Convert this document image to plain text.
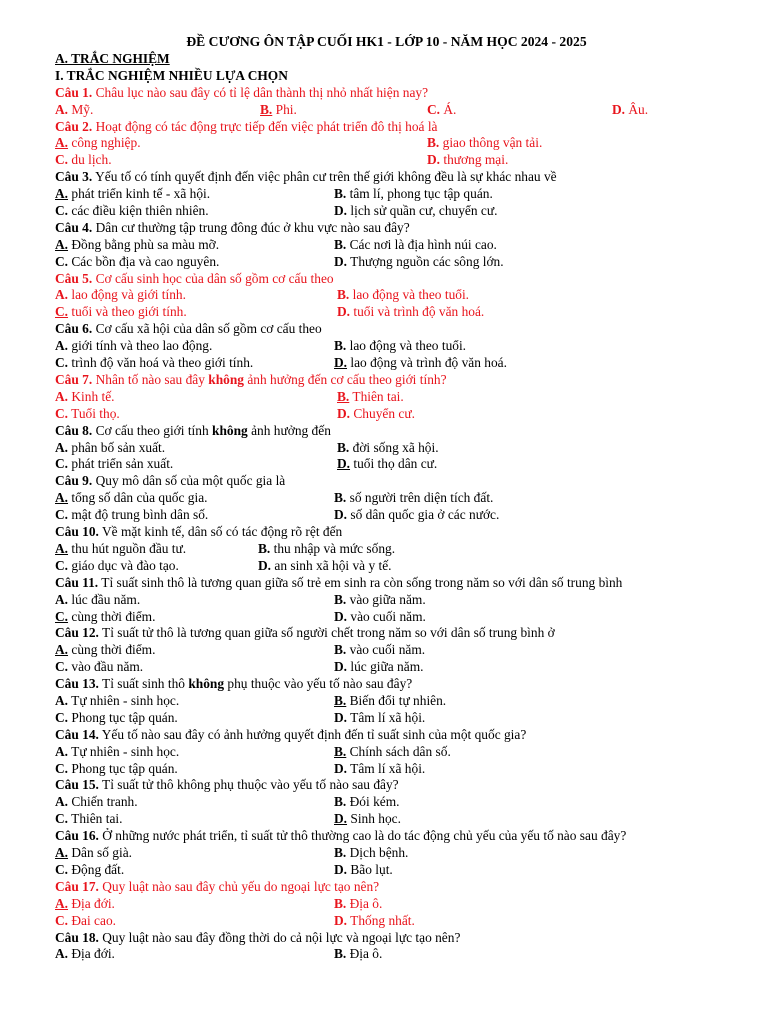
ĐỀ CƯƠNG ÔN TẬP CUỐI HK1 - LỚP 10 - NĂM HỌC 2024 - 2025
A. TRẮC NGHIỆM
I. TRẮC NGHIỆM NHIỀU LỰA CHỌN
Câu 1. Châu lục nào sau đây có tỉ lệ dân thành thị nhỏ nhất hiện nay?
A. Mỹ.	B. Phi.	C. Á.	D. Âu.
Câu 2. Hoạt động có tác động trực tiếp đến việc phát triển đô thị hoá là
A. công nghiệp.	B. giao thông vận tải.
C. du lịch.	D. thương mại.
Câu 3. Yếu tố có tính quyết định đến việc phân cư trên thế giới không đều là sự khác nhau về
A. phát triển kinh tế - xã hội.	B. tâm lí, phong tục tập quán.
C. các điều kiện thiên nhiên.	D. lịch sử quần cư, chuyển cư.
Câu 4. Dân cư thường tập trung đông đúc ở khu vực nào sau đây?
A. Đồng bằng phù sa màu mỡ.	B. Các nơi là địa hình núi cao.
C. Các bồn địa và cao nguyên.	D. Thượng nguồn các sông lớn.
Câu 5. Cơ cấu sinh học của dân số gồm cơ cấu theo
A. lao động và giới tính.	B. lao động và theo tuổi.
C. tuổi và theo giới tính.	D. tuổi và trình độ văn hoá.
Câu 6. Cơ cấu xã hội của dân số gồm cơ cấu theo
A. giới tính và theo lao động.	B. lao động và theo tuổi.
C. trình độ văn hoá và theo giới tính.	D. lao động và trình độ văn hoá.
Câu 7. Nhân tố nào sau đây không ảnh hưởng đến cơ cấu theo giới tính?
A. Kinh tế.	B. Thiên tai.
C. Tuổi thọ.	D. Chuyển cư.
Câu 8. Cơ cấu theo giới tính không ảnh hưởng đến
A. phân bố sản xuất.	B. đời sống xã hội.
C. phát triển sản xuất.	D. tuổi thọ dân cư.
Câu 9. Quy mô dân số của một quốc gia là
A. tổng số dân của quốc gia.	B. số người trên diện tích đất.
C. mật độ trung bình dân số.	D. số dân quốc gia ở các nước.
Câu 10. Về mặt kinh tế, dân số có tác động rõ rệt đến
A. thu hút nguồn đầu tư.	B. thu nhập và mức sống.
C. giáo dục và đào tạo.	D. an sinh xã hội và y tế.
Câu 11. Tỉ suất sinh thô là tương quan giữa số trẻ em sinh ra còn sống trong năm so với dân số trung bình
A. lúc đầu năm.	B. vào giữa năm.
C. cùng thời điểm.	D. vào cuối năm.
Câu 12. Tỉ suất tử thô là tương quan giữa số người chết trong năm so với dân số trung bình ở
A. cùng thời điểm.	B. vào cuối năm.
C. vào đầu năm.	D. lúc giữa năm.
Câu 13. Tỉ suất sinh thô không phụ thuộc vào yếu tố nào sau đây?
A. Tự nhiên - sinh học.	B. Biến đổi tự nhiên.
C. Phong tục tập quán.	D. Tâm lí xã hội.
Câu 14. Yếu tố nào sau đây có ảnh hưởng quyết định đến tỉ suất sinh của một quốc gia?
A. Tự nhiên - sinh học.	B. Chính sách dân số.
C. Phong tục tập quán.	D. Tâm lí xã hội.
Câu 15. Tỉ suất tử thô không phụ thuộc vào yếu tố nào sau đây?
A. Chiến tranh.	B. Đói kém.
C. Thiên tai.	D. Sinh học.
Câu 16. Ở những nước phát triển, tỉ suất tử thô thường cao là do tác động chủ yếu của yếu tố nào sau đây?
A. Dân số già.	B. Dịch bệnh.
C. Động đất.	D. Bão lụt.
Câu 17. Quy luật nào sau đây chủ yếu do ngoại lực tạo nên?
A. Địa đới.	B. Địa ô.
C. Đai cao.	D. Thống nhất.
Câu 18. Quy luật nào sau đây đồng thời do cả nội lực và ngoại lực tạo nên?
A. Địa đới.	B. Địa ô.
